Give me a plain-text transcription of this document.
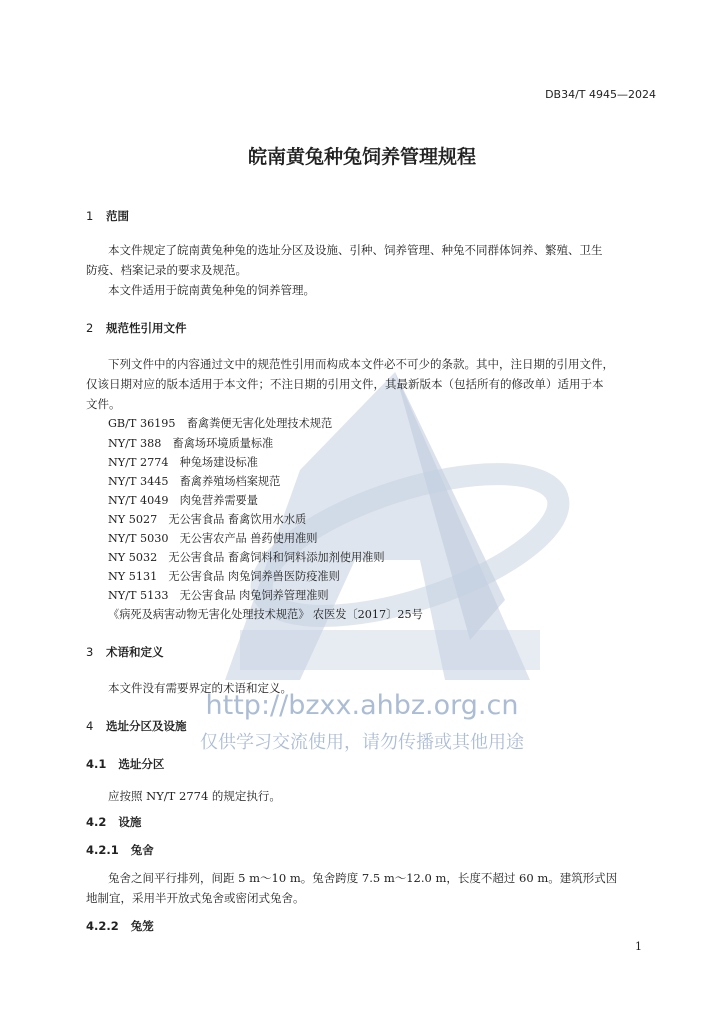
DB34/T 4945—2024
皖南黄兔种兔饲养管理规程
1 范围
本文件规定了皖南黄兔种兔的选址分区及设施、引种、饲养管理、种兔不同群体饲养、繁殖、卫生
防疫、档案记录的要求及规范。
本文件适用于皖南黄兔种兔的饲养管理。
2 规范性引用文件
下列文件中的内容通过文中的规范性引用而构成本文件必不可少的条款。其中，注日期的引用文件，
仅该日期对应的版本适用于本文件；不注日期的引用文件，其最新版本（包括所有的修改单）适用于本
文件。
GB/T 36195　畜禽粪便无害化处理技术规范
NY/T 388　畜禽场环境质量标准
NY/T 2774　种兔场建设标准
NY/T 3445　畜禽养殖场档案规范
NY/T 4049　肉兔营养需要量
NY 5027　无公害食品 畜禽饮用水水质
NY/T 5030　无公害农产品 兽药使用准则
NY 5032　无公害食品 畜禽饲料和饲料添加剂使用准则
NY 5131　无公害食品 肉兔饲养兽医防疫准则
NY/T 5133　无公害食品 肉兔饲养管理准则
《病死及病害动物无害化处理技术规范》 农医发〔2017〕25号
3 术语和定义
本文件没有需要界定的术语和定义。
4 选址分区及设施
4.1 选址分区
应按照 NY/T 2774 的规定执行。
4.2 设施
4.2.1 兔舍
兔舍之间平行排列，间距 5 m～10 m。兔舍跨度 7.5 m～12.0 m，长度不超过 60 m。建筑形式因
地制宜，采用半开放式兔舍或密闭式兔舍。
4.2.2 兔笼
http://bzxx.ahbz.org.cn
仅供学习交流使用，请勿传播或其他用途
1
